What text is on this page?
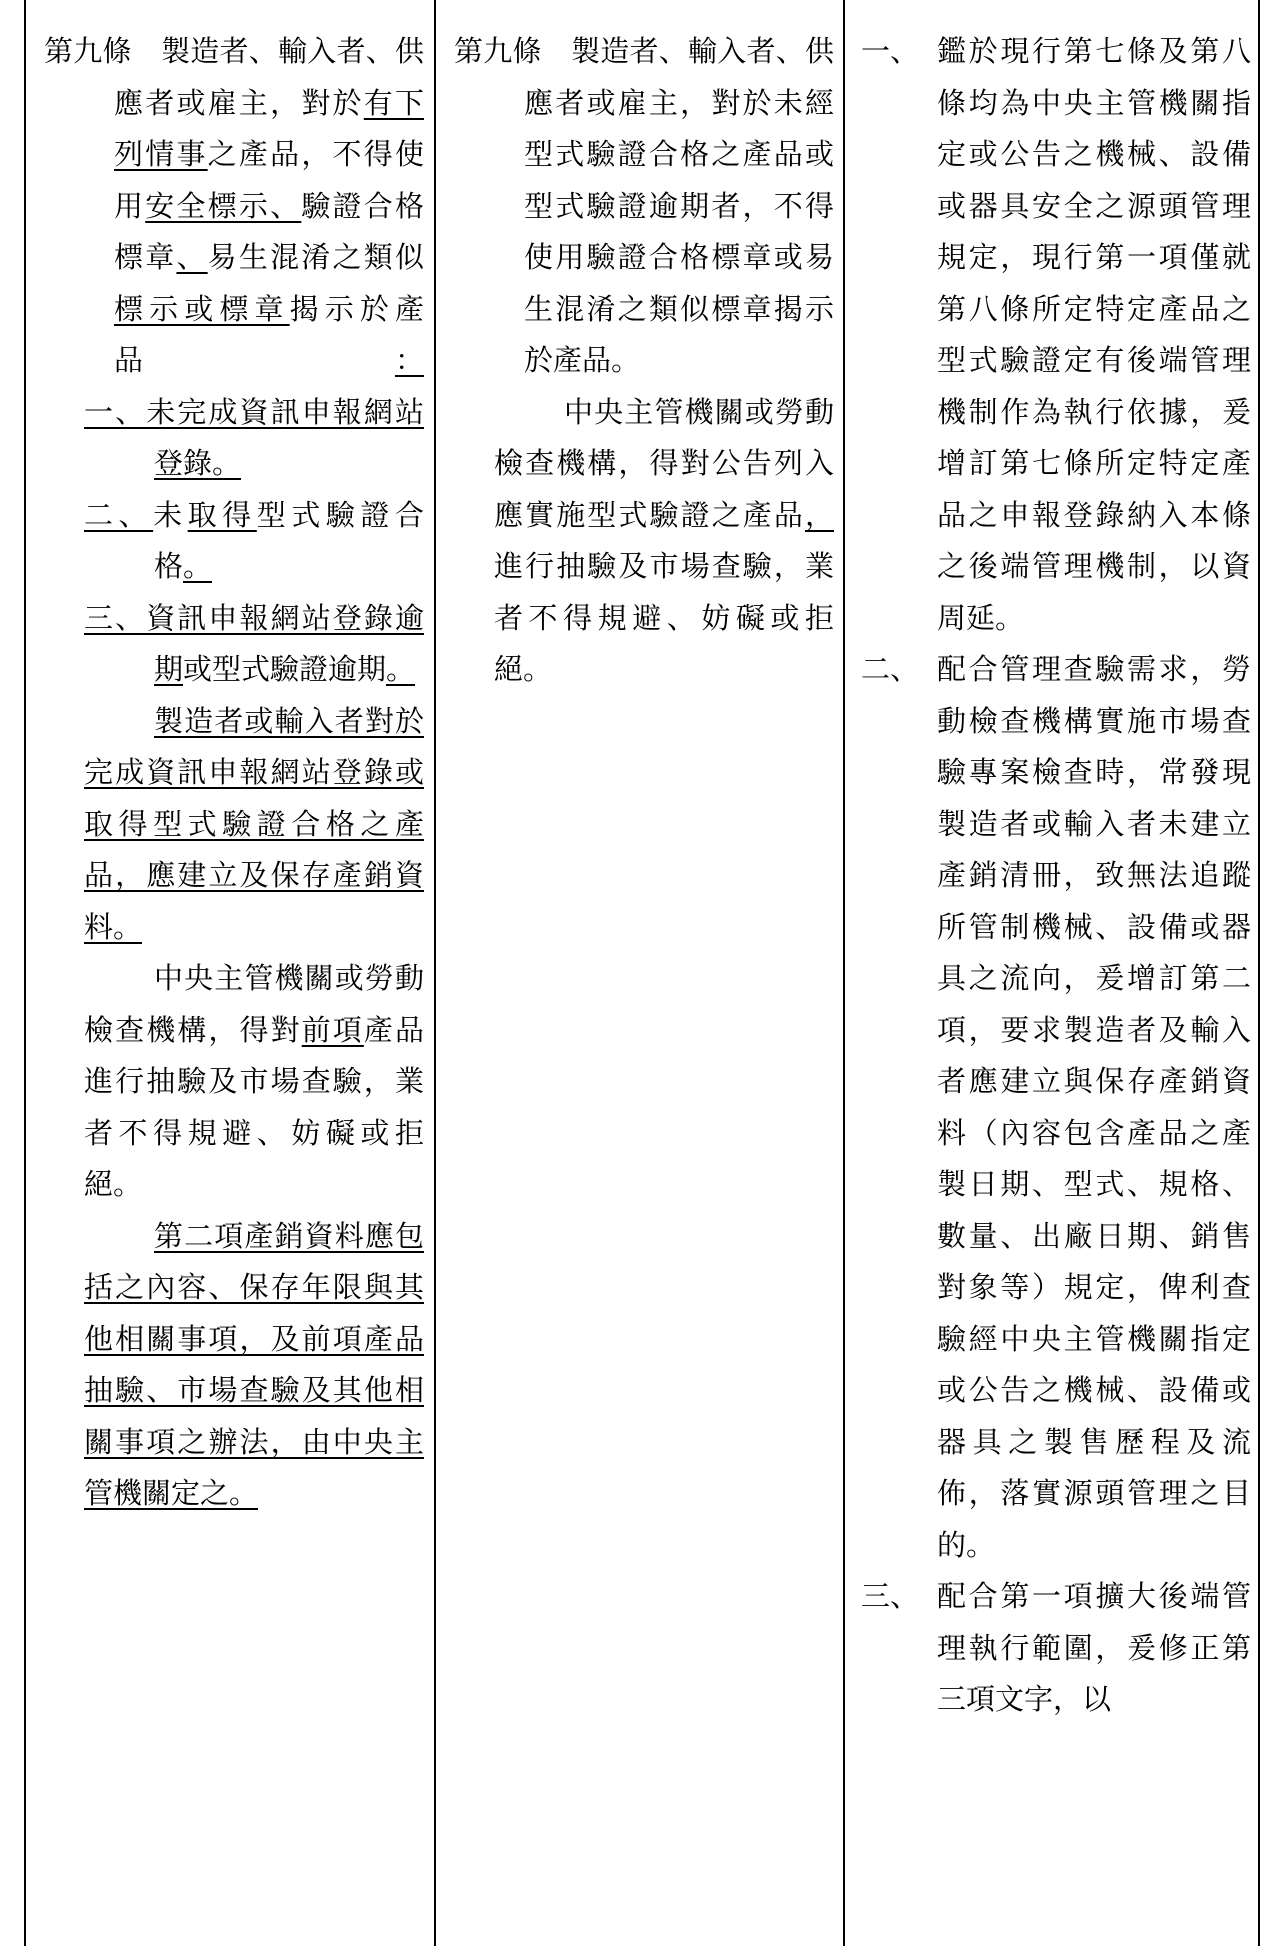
第九條　製造者、輸入者、供應者或雇主，對於有下列情事之產品，不得使用安全標示、驗證合格標章、易生混淆之類似標示或標章揭示於產品：

一、未完成資訊申報網站登錄。

二、未取得型式驗證合格。

三、資訊申報網站登錄逾期或型式驗證逾期。

製造者或輸入者對於完成資訊申報網站登錄或取得型式驗證合格之產品，應建立及保存產銷資料。

中央主管機關或勞動檢查機構，得對前項產品進行抽驗及市場查驗，業者不得規避、妨礙或拒絕。

第二項產銷資料應包括之內容、保存年限與其他相關事項，及前項產品抽驗、市場查驗及其他相關事項之辦法，由中央主管機關定之。

第九條　製造者、輸入者、供應者或雇主，對於未經型式驗證合格之產品或型式驗證逾期者，不得使用驗證合格標章或易生混淆之類似標章揭示於產品。

中央主管機關或勞動檢查機構，得對公告列入應實施型式驗證之產品，進行抽驗及市場查驗，業者不得規避、妨礙或拒絕。

一、 鑑於現行第七條及第八條均為中央主管機關指定或公告之機械、設備或器具安全之源頭管理規定，現行第一項僅就第八條所定特定產品之型式驗證定有後端管理機制作為執行依據，爰增訂第七條所定特定產品之申報登錄納入本條之後端管理機制，以資周延。

二、 配合管理查驗需求，勞動檢查機構實施市場查驗專案檢查時，常發現製造者或輸入者未建立產銷清冊，致無法追蹤所管制機械、設備或器具之流向，爰增訂第二項，要求製造者及輸入者應建立與保存產銷資料（內容包含產品之產製日期、型式、規格、數量、出廠日期、銷售對象等）規定，俾利查驗經中央主管機關指定或公告之機械、設備或器具之製售歷程及流佈，落實源頭管理之目的。

三、 配合第一項擴大後端管理執行範圍，爰修正第三項文字，以
